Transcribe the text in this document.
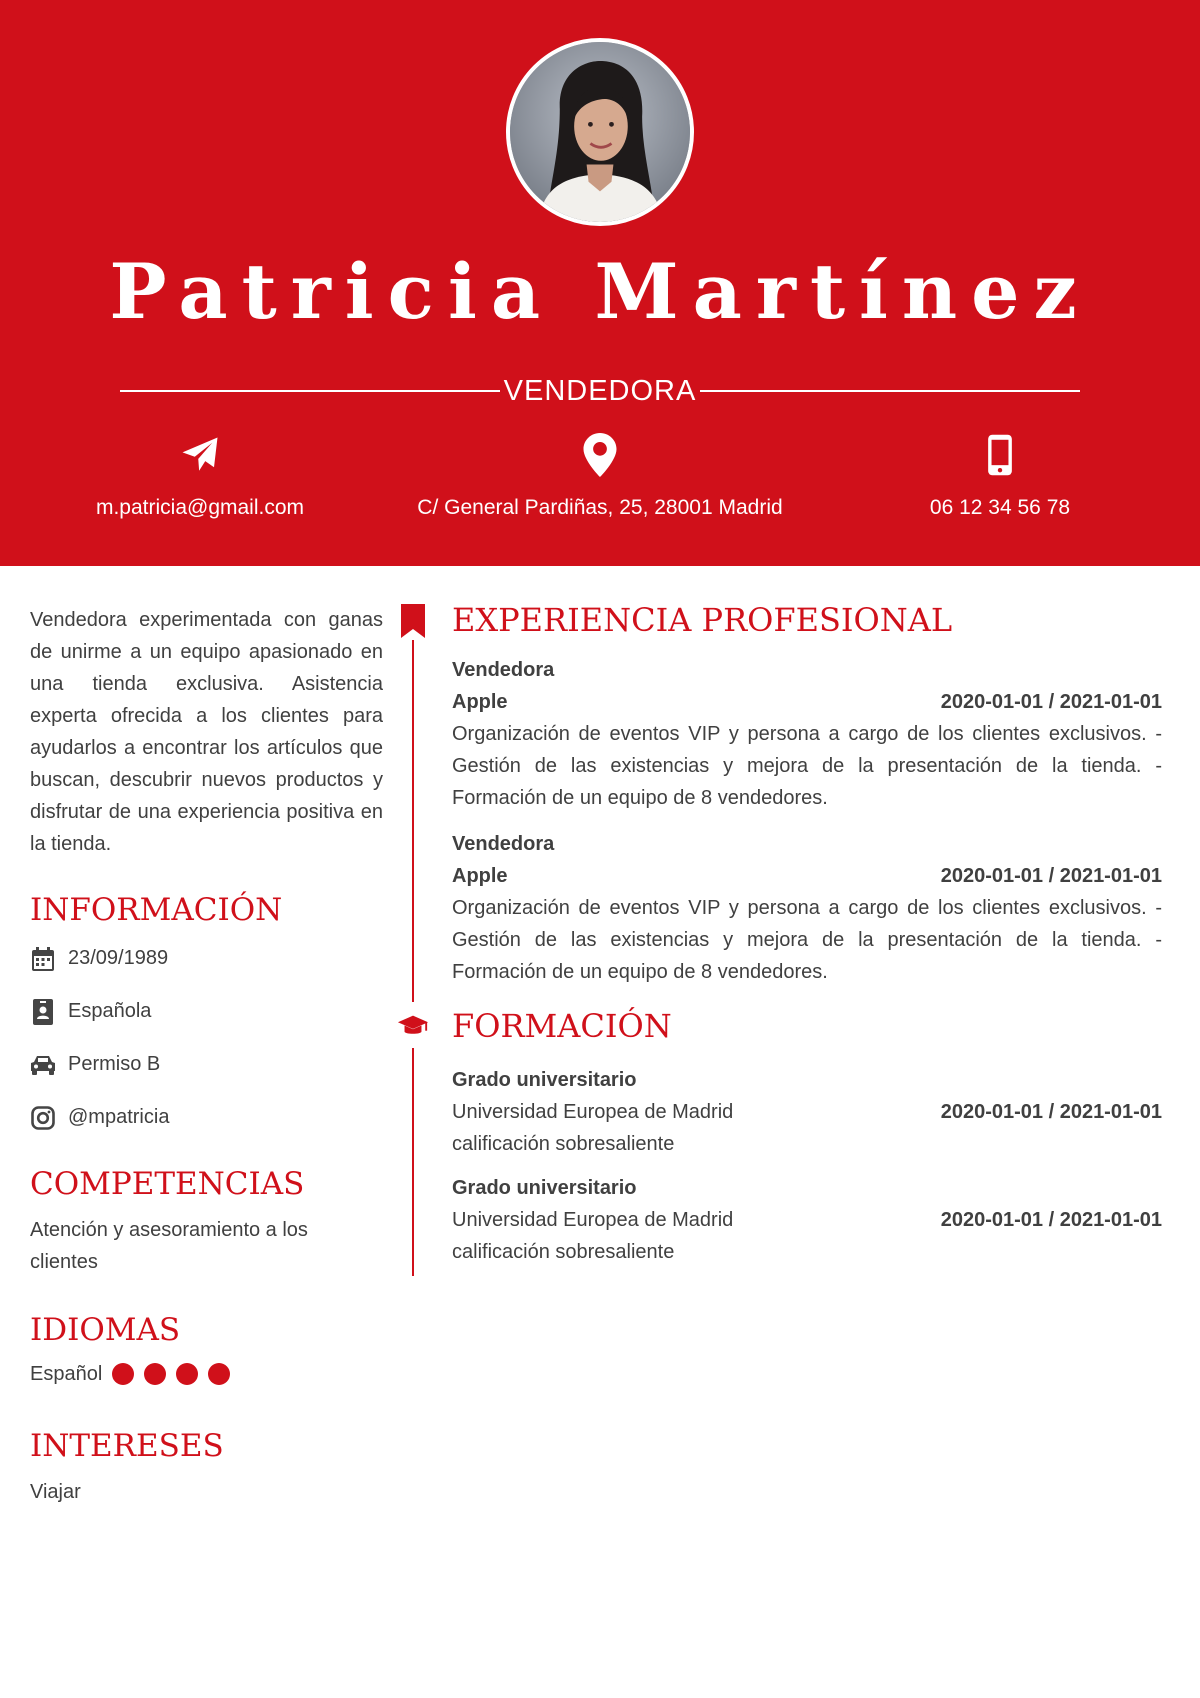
Patricia Martínez
VENDEDORA
m.patricia@gmail.com	C/ General Pardiñas, 25, 28001 Madrid	06 12 34 56 78

Vendedora experimentada con ganas de unirme a un equipo apasionado en una tienda exclusiva. Asistencia experta ofrecida a los clientes para ayudarlos a encontrar los artículos que buscan, descubrir nuevos productos y disfrutar de una experiencia positiva en la tienda.

INFORMACIÓN
23/09/1989
Española
Permiso B
@mpatricia
COMPETENCIAS

Atención y asesoramiento a los clientes

IDIOMAS
Español
INTERESES

Viajar

EXPERIENCIA PROFESIONAL
Vendedora
Apple	2020-01-01 / 2021-01-01
Organización de eventos VIP y persona a cargo de los clientes exclusivos. - Gestión de las existencias y mejora de la presentación de la tienda. - Formación de un equipo de 8 vendedores.
Vendedora
Apple	2020-01-01 / 2021-01-01
Organización de eventos VIP y persona a cargo de los clientes exclusivos. - Gestión de las existencias y mejora de la presentación de la tienda. - Formación de un equipo de 8 vendedores.
FORMACIÓN
Grado universitario
Universidad Europea de Madrid	2020-01-01 / 2021-01-01
calificación sobresaliente
Grado universitario
Universidad Europea de Madrid	2020-01-01 / 2021-01-01
calificación sobresaliente
